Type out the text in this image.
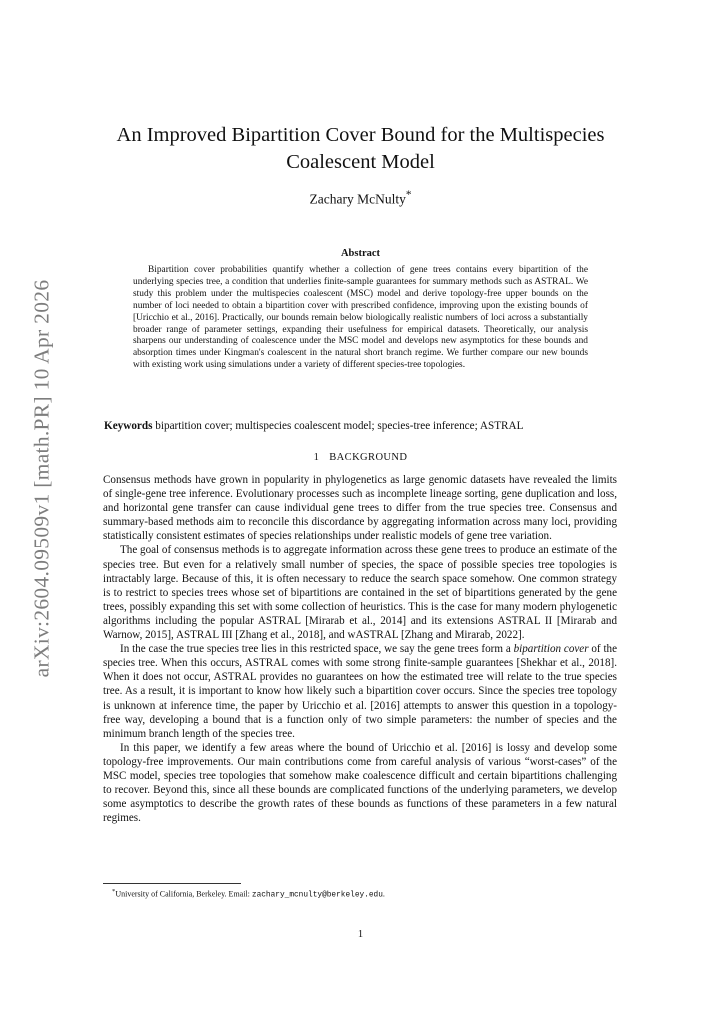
arXiv:2604.09509v1 [math.PR] 10 Apr 2026
An Improved Bipartition Cover Bound for the Multispecies Coalescent Model
Zachary McNulty*
Abstract

Bipartition cover probabilities quantify whether a collection of gene trees contains every bipartition of the underlying species tree, a condition that underlies finite-sample guarantees for summary methods such as ASTRAL. We study this problem under the multispecies coalescent (MSC) model and derive topology-free upper bounds on the number of loci needed to obtain a bipartition cover with prescribed confidence, improving upon the existing bounds of [Uricchio et al., 2016]. Practically, our bounds remain below biologically realistic numbers of loci across a substantially broader range of parameter settings, expanding their usefulness for empirical datasets. Theoretically, our analysis sharpens our understanding of coalescence under the MSC model and develops new asymptotics for these bounds and absorption times under Kingman's coalescent in the natural short branch regime. We further compare our new bounds with existing work using simulations under a variety of different species-tree topologies.

Keywords bipartition cover; multispecies coalescent model; species-tree inference; ASTRAL

1 BACKGROUND

Consensus methods have grown in popularity in phylogenetics as large genomic datasets have revealed the limits of single-gene tree inference. Evolutionary processes such as incomplete lineage sorting, gene duplication and loss, and horizontal gene transfer can cause individual gene trees to differ from the true species tree. Consensus and summary-based methods aim to reconcile this discordance by aggregating information across many loci, providing statistically consistent estimates of species relationships under realistic models of gene tree variation.

The goal of consensus methods is to aggregate information across these gene trees to produce an estimate of the species tree. But even for a relatively small number of species, the space of possible species tree topologies is intractably large. Because of this, it is often necessary to reduce the search space somehow. One common strategy is to restrict to species trees whose set of bipartitions are contained in the set of bipartitions generated by the gene trees, possibly expanding this set with some collection of heuristics. This is the case for many modern phylogenetic algorithms including the popular ASTRAL [Mirarab et al., 2014] and its extensions ASTRAL II [Mirarab and Warnow, 2015], ASTRAL III [Zhang et al., 2018], and wASTRAL [Zhang and Mirarab, 2022].

In the case the true species tree lies in this restricted space, we say the gene trees form a bipartition cover of the species tree. When this occurs, ASTRAL comes with some strong finite-sample guarantees [Shekhar et al., 2018]. When it does not occur, ASTRAL provides no guarantees on how the estimated tree will relate to the true species tree. As a result, it is important to know how likely such a bipartition cover occurs. Since the species tree topology is unknown at inference time, the paper by Uricchio et al. [2016] attempts to answer this question in a topology-free way, developing a bound that is a function only of two simple parameters: the number of species and the minimum branch length of the species tree.

In this paper, we identify a few areas where the bound of Uricchio et al. [2016] is lossy and develop some topology-free improvements. Our main contributions come from careful analysis of various “worst-cases” of the MSC model, species tree topologies that somehow make coalescence difficult and certain bipartitions challenging to recover. Beyond this, since all these bounds are complicated functions of the underlying parameters, we develop some asymptotics to describe the growth rates of these bounds as functions of these parameters in a few natural regimes.

*University of California, Berkeley. Email: zachary_mcnulty@berkeley.edu.

1
